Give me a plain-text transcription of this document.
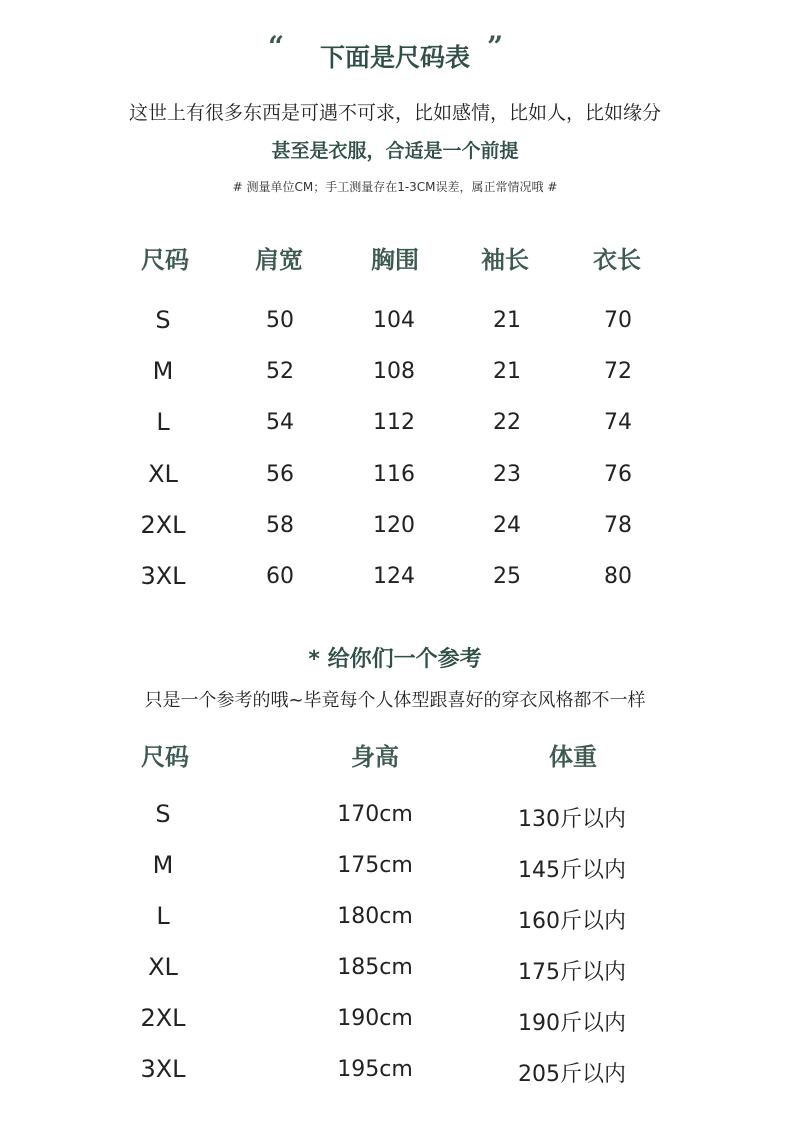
“	下面是尺码表 ”
这世上有很多东西是可遇不可求，比如感情，比如人，比如缘分
甚至是衣服，合适是一个前提
# 测量单位CM；手工测量存在1-3CM误差，属正常情况哦 #
尺码	肩宽	胸围	袖长	衣长
S	50	104	21	70
M	52	108	21	72
L	54	112	22	74
XL	56	116	23	76
2XL	58	120	24	78
3XL	60	124	25	80
* 给你们一个参考
只是一个参考的哦~毕竟每个人体型跟喜好的穿衣风格都不一样
尺码	身高	体重
S	170cm	130斤以内
M	175cm	145斤以内
L	180cm	160斤以内
XL	185cm	175斤以内
2XL	190cm	190斤以内
3XL	195cm	205斤以内
